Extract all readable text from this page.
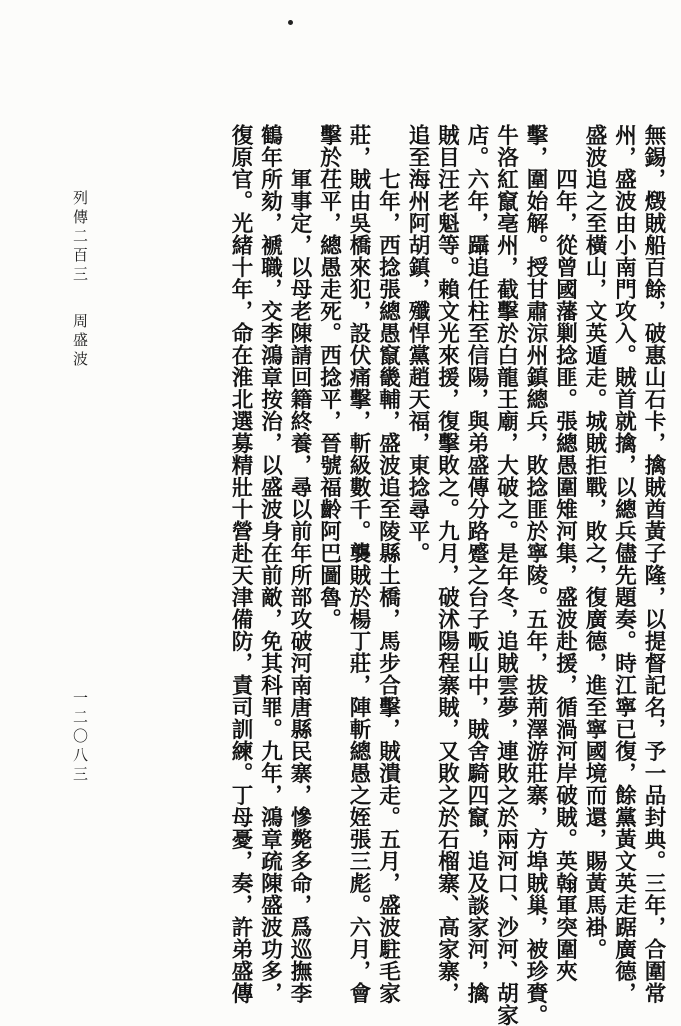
無錫，燬賊船百餘，破惠山石卡，擒賊酋黃子隆，以提督記名，予一品封典。三年，合圍常
州，盛波由小南門攻入。賊首就擒，以總兵儘先題奏。時江寧已復，餘黨黃文英走踞廣德，
盛波追之至橫山，文英遁走。城賊拒戰，敗之，復廣德，進至寧國境而還，賜黃馬褂。
四年，從曾國藩剿捻匪。張總愚圍雉河集，盛波赴援，循渦河岸破賊。英翰軍突圍夾
擊，圍始解。授甘肅涼州鎮總兵，敗捻匪於寧陵。五年，拔荊澤游莊寨，方埠賊巢，被珍賚。
牛洛紅竄亳州，截擊於白龍王廟，大破之。是年冬，追賊雲夢，連敗之於兩河口、沙河、胡家
店。六年，躡追任柱至信陽，與弟盛傳分路蹙之台子畈山中，賊舍騎四竄，追及談家河，擒
賊目汪老魁等。賴文光來援，復擊敗之。九月，破沭陽程寨賊，又敗之於石榴寨、高家寨，
追至海州阿胡鎮，殲悍黨趙天福，東捻尋平。
七年，西捻張總愚竄畿輔，盛波追至陵縣土橋，馬步合擊，賊潰走。五月，盛波駐毛家
莊，賊由吳橋來犯，設伏痛擊，斬級數千。襲賊於楊丁莊，陣斬總愚之姪張三彪。六月，會
擊於茌平，總愚走死。西捻平，晉號福齡阿巴圖魯。
軍事定，以母老陳請回籍終養，尋以前年所部攻破河南唐縣民寨，慘斃多命，爲巡撫李
鶴年所劾，褫職，交李鴻章按治，以盛波身在前敵，免其科罪。九年，鴻章疏陳盛波功多，
復原官。光緒十年，命在淮北選募精壯十營赴天津備防，責司訓練。丁母憂，奏，許弟盛傳
列傳二百三
周盛波
一二〇八三
